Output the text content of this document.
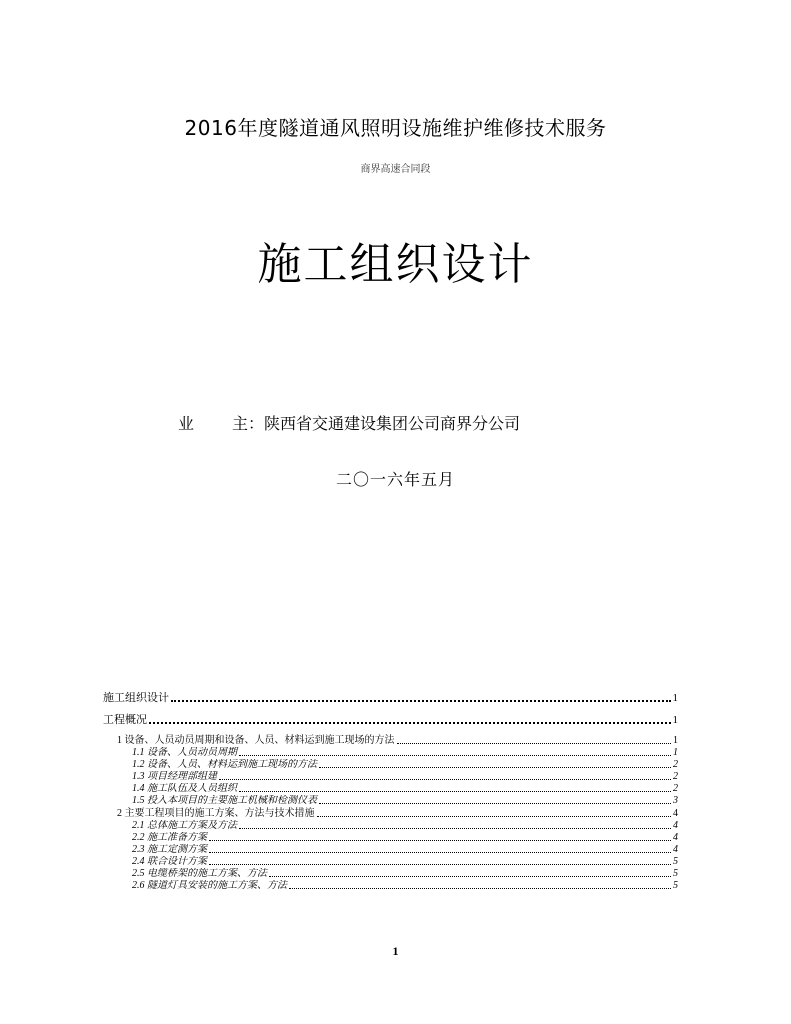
2016年度隧道通风照明设施维护维修技术服务
商界高速合同段
施工组织设计
业 主：陕西省交通建设集团公司商界分公司
二〇一六年五月
施工组织设计	1
工程概况	1
1 设备、人员动员周期和设备、人员、材料运到施工现场的方法	1
1.1 设备、人员动员周期	1
1.2 设备、人员、材料运到施工现场的方法	2
1.3 项目经理部组建	2
1.4 施工队伍及人员组织	2
1.5 投入本项目的主要施工机械和检测仪表	3
2 主要工程项目的施工方案、方法与技术措施	4
2.1 总体施工方案及方法	4
2.2 施工准备方案	4
2.3 施工定测方案	4
2.4 联合设计方案	5
2.5 电缆桥架的施工方案、方法	5
2.6 隧道灯具安装的施工方案、方法	5
1
